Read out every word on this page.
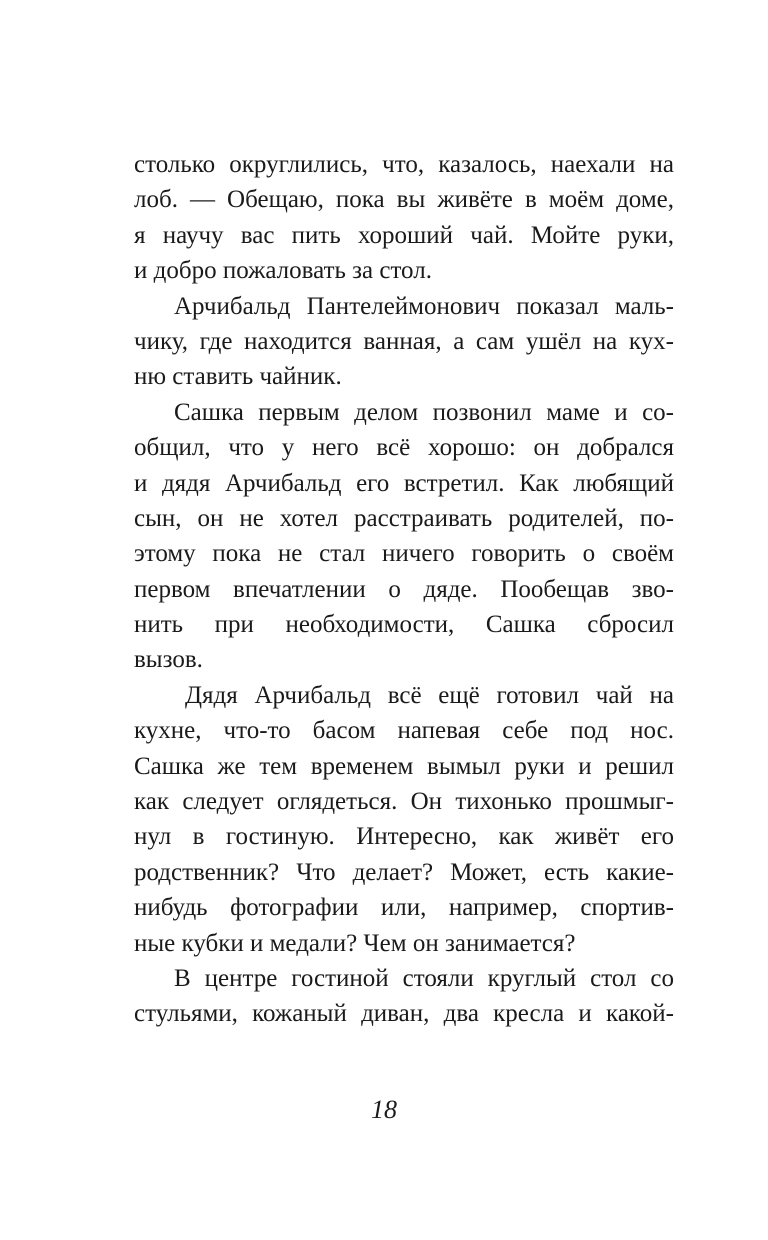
столько округлились, что, казалось, наехали на
лоб. — Обещаю, пока вы живёте в моём доме,
я научу вас пить хороший чай. Мойте руки,
и добро пожаловать за стол.
Арчибальд Пантелеймонович показал маль-
чику, где находится ванная, а сам ушёл на кух-
ню ставить чайник.
Сашка первым делом позвонил маме и со-
общил, что у него всё хорошо: он добрался
и дядя Арчибальд его встретил. Как любящий
сын, он не хотел расстраивать родителей, по-
этому пока не стал ничего говорить о своём
первом впечатлении о дяде. Пообещав зво-
нить при необходимости, Сашка сбросил
вызов.
Дядя Арчибальд всё ещё готовил чай на
кухне, что-то басом напевая себе под нос.
Сашка же тем временем вымыл руки и решил
как следует оглядеться. Он тихонько прошмыг-
нул в гостиную. Интересно, как живёт его
родственник? Что делает? Может, есть какие-
нибудь фотографии или, например, спортив-
ные кубки и медали? Чем он занимается?
В центре гостиной стояли круглый стол со
стульями, кожаный диван, два кресла и какой-
18
